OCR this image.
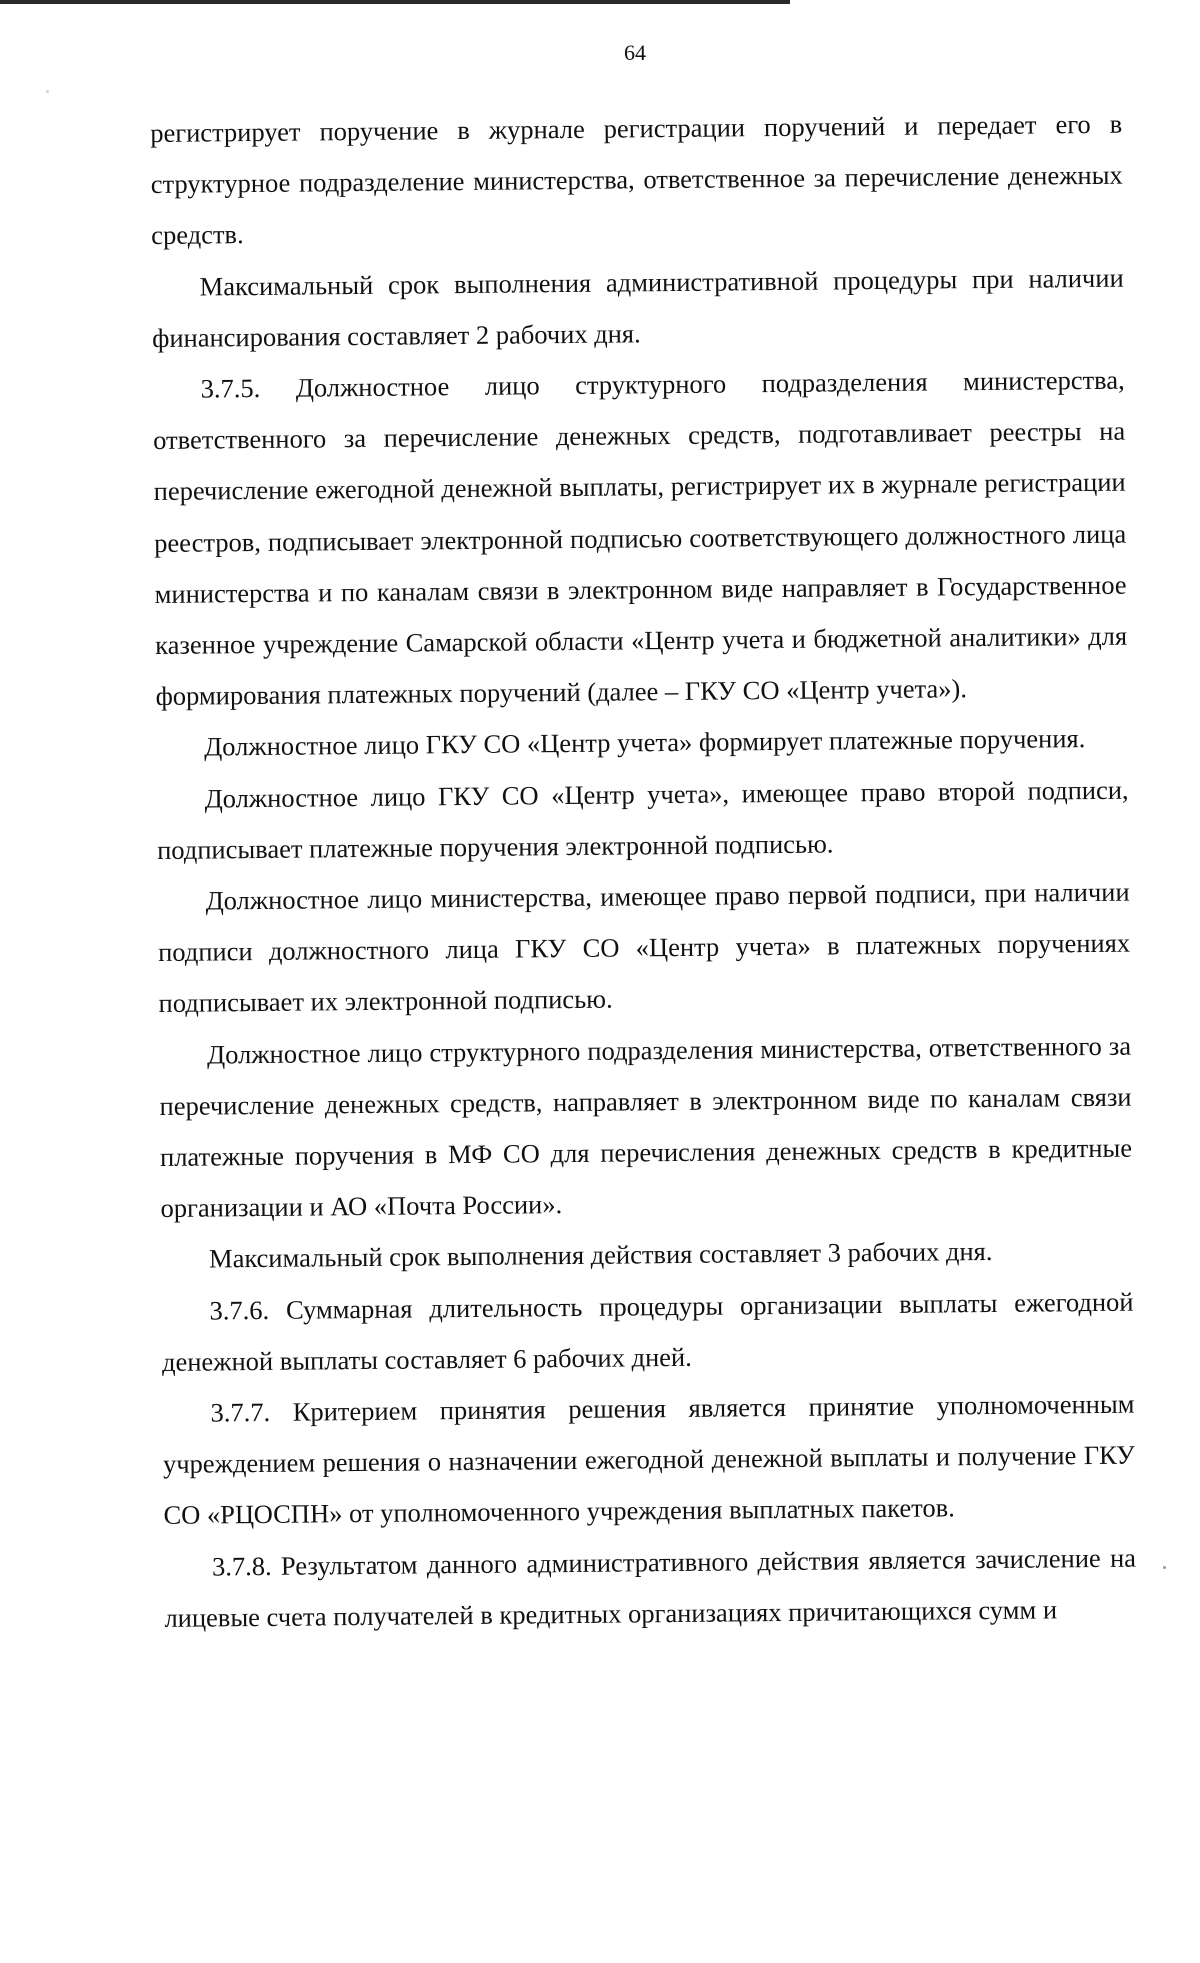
64

регистрирует поручение в журнале регистрации поручений и передает его в структурное подразделение министерства, ответственное за перечисление денежных средств.

Максимальный срок выполнения административной процедуры при наличии финансирования составляет 2 рабочих дня.

3.7.5. Должностное лицо структурного подразделения министерства, ответственного за перечисление денежных средств, подготавливает реестры на перечисление ежегодной денежной выплаты, регистрирует их в журнале регистрации реестров, подписывает электронной подписью соответствующего должностного лица министерства и по каналам связи в электронном виде направляет в Государственное казенное учреждение Самарской области «Центр учета и бюджетной аналитики» для формирования платежных поручений (далее – ГКУ СО «Центр учета»).

Должностное лицо ГКУ СО «Центр учета» формирует платежные поручения.

Должностное лицо ГКУ СО «Центр учета», имеющее право второй подписи, подписывает платежные поручения электронной подписью.

Должностное лицо министерства, имеющее право первой подписи, при наличии подписи должностного лица ГКУ СО «Центр учета» в платежных поручениях подписывает их электронной подписью.

Должностное лицо структурного подразделения министерства, ответственного за перечисление денежных средств, направляет в электронном виде по каналам связи платежные поручения в МФ СО для перечисления денежных средств в кредитные организации и АО «Почта России».

Максимальный срок выполнения действия составляет 3 рабочих дня.

3.7.6. Суммарная длительность процедуры организации выплаты ежегодной денежной выплаты составляет 6 рабочих дней.

3.7.7. Критерием принятия решения является принятие уполномоченным учреждением решения о назначении ежегодной денежной выплаты и получение ГКУ СО «РЦОСПН» от уполномоченного учреждения выплатных пакетов.

3.7.8. Результатом данного административного действия является зачисление на лицевые счета получателей в кредитных организациях причитающихся сумм и
